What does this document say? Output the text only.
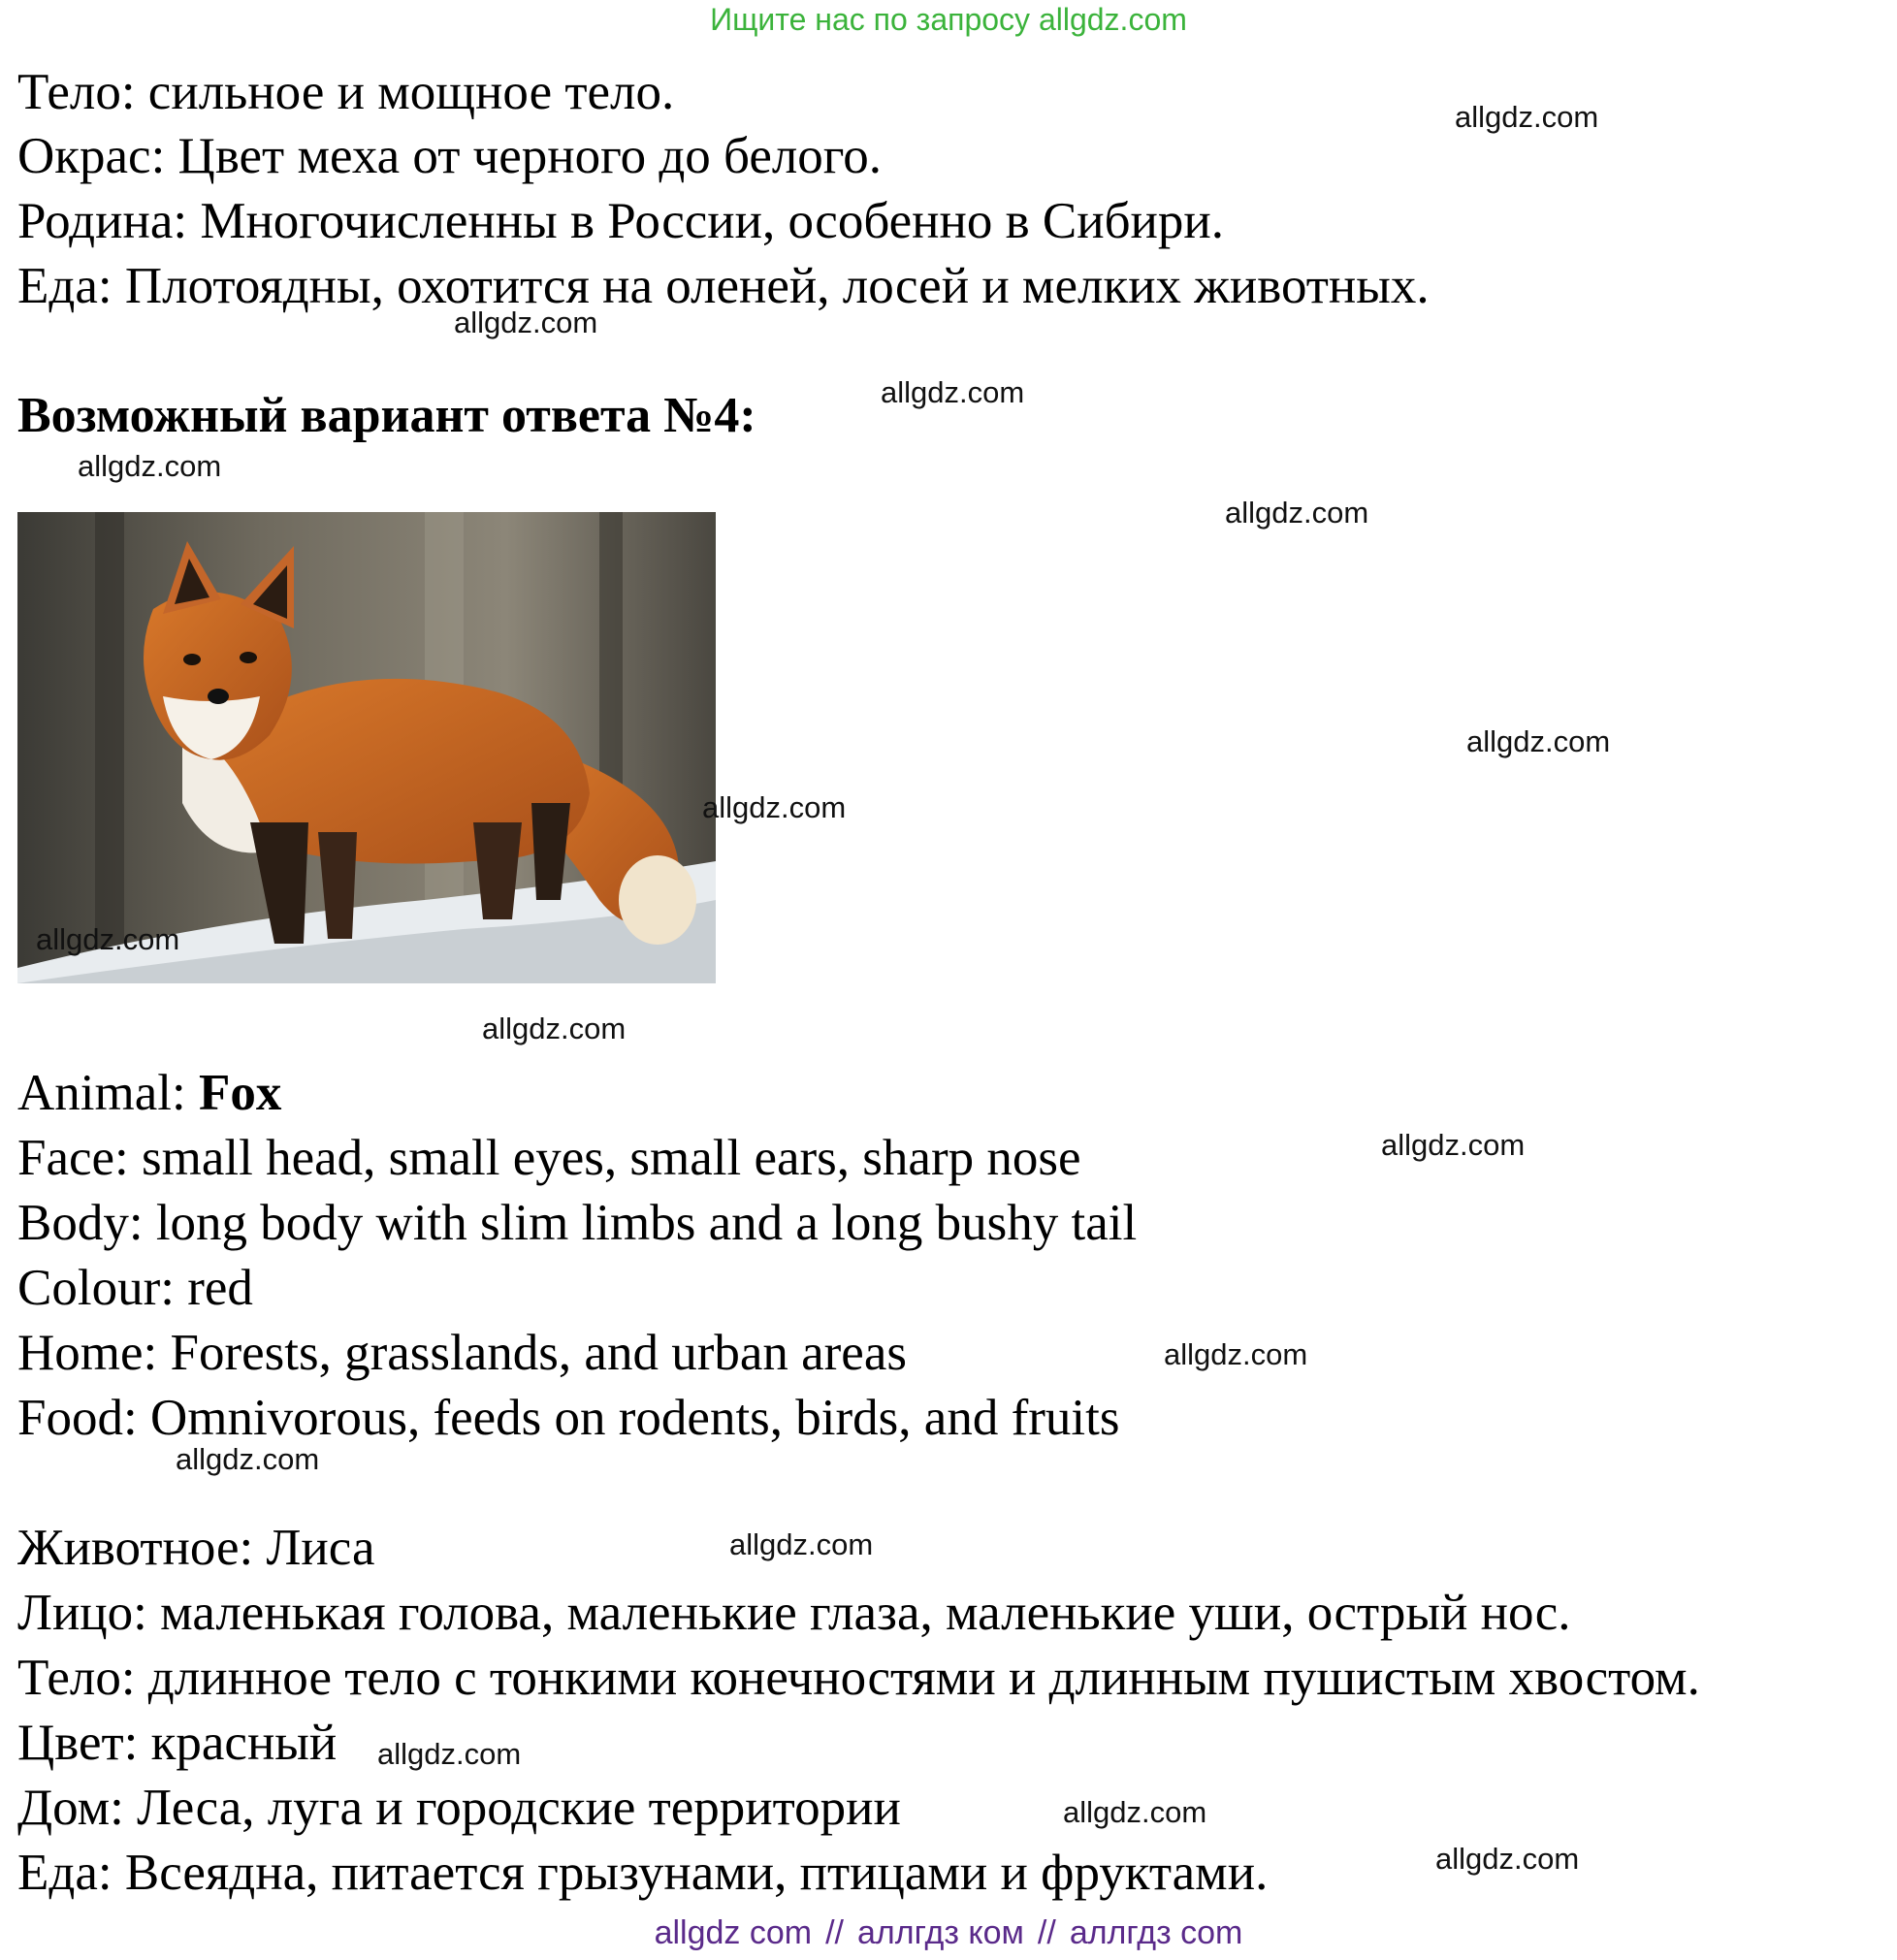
Ищите нас по запросу allgdz.com
Тело: сильное и мощное тело.
Окрас: Цвет меха от черного до белого.
Родина: Многочисленны в России, особенно в Сибири.
Еда: Плотоядны, охотится на оленей, лосей и мелких животных.
Возможный вариант ответа №4:
Animal: Fox
Face: small head, small eyes, small ears, sharp nose
Body: long body with slim limbs and a long bushy tail
Colour: red
Home: Forests, grasslands, and urban areas
Food: Omnivorous, feeds on rodents, birds, and fruits
Животное: Лиса
Лицо: маленькая голова, маленькие глаза, маленькие уши, острый нос.
Тело: длинное тело с тонкими конечностями и длинным пушистым хвостом.
Цвет: красный
Дом: Леса, луга и городские территории
Еда: Всеядна, питается грызунами, птицами и фруктами.
allgdz.com
allgdz.com
allgdz.com
allgdz.com
allgdz.com
allgdz.com
allgdz.com
allgdz.com
allgdz.com
allgdz.com
allgdz.com
allgdz.com
allgdz.com
allgdz.com
allgdz.com
allgdz.com
allgdz com // аллгдз ком // аллгдз com
